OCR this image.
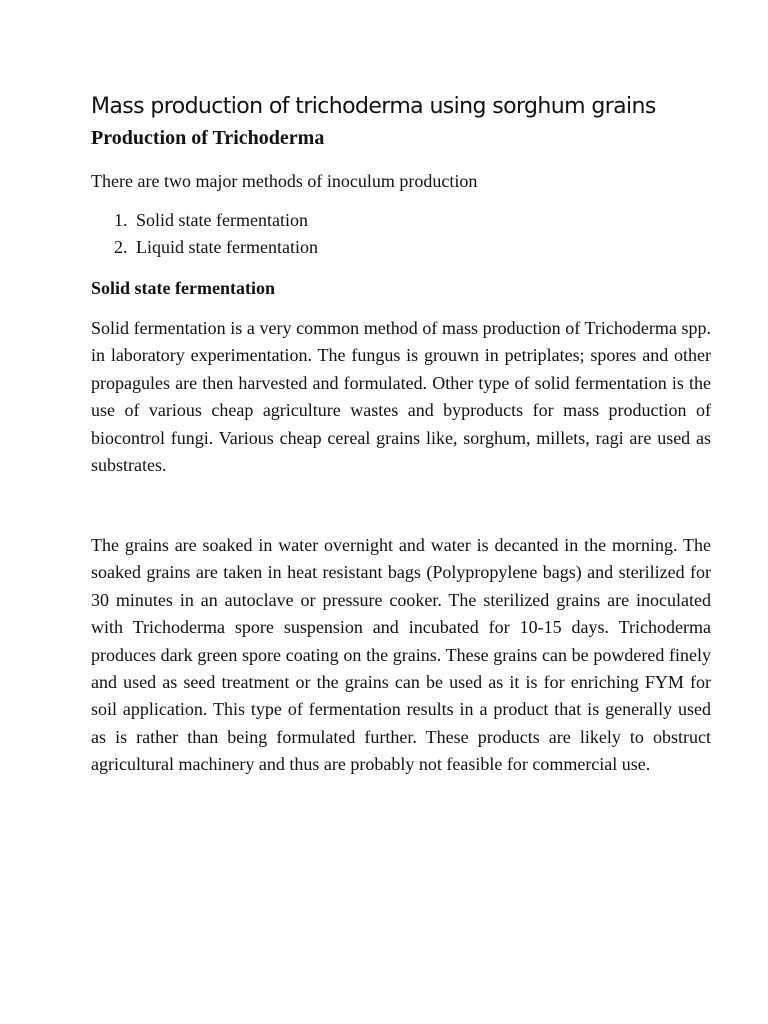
Mass production of trichoderma using sorghum grains
Production of Trichoderma
There are two major methods of inoculum production
1. Solid state fermentation
2. Liquid state fermentation
Solid state fermentation

Solid fermentation is a very common method of mass production of Trichoderma spp. in laboratory experimentation. The fungus is grouwn in petriplates; spores and other propagules are then harvested and formulated. Other type of solid fermentation is the use of various cheap agriculture wastes and byproducts for mass production of biocontrol fungi. Various cheap cereal grains like, sorghum, millets, ragi are used as substrates.

The grains are soaked in water overnight and water is decanted in the morning. The soaked grains are taken in heat resistant bags (Polypropylene bags) and sterilized for 30 minutes in an autoclave or pressure cooker. The sterilized grains are inoculated with Trichoderma spore suspension and incubated for 10-15 days. Trichoderma produces dark green spore coating on the grains. These grains can be powdered finely and used as seed treatment or the grains can be used as it is for enriching FYM for soil application. This type of fermentation results in a product that is generally used as is rather than being formulated further. These products are likely to obstruct agricultural machinery and thus are probably not feasible for commercial use.
